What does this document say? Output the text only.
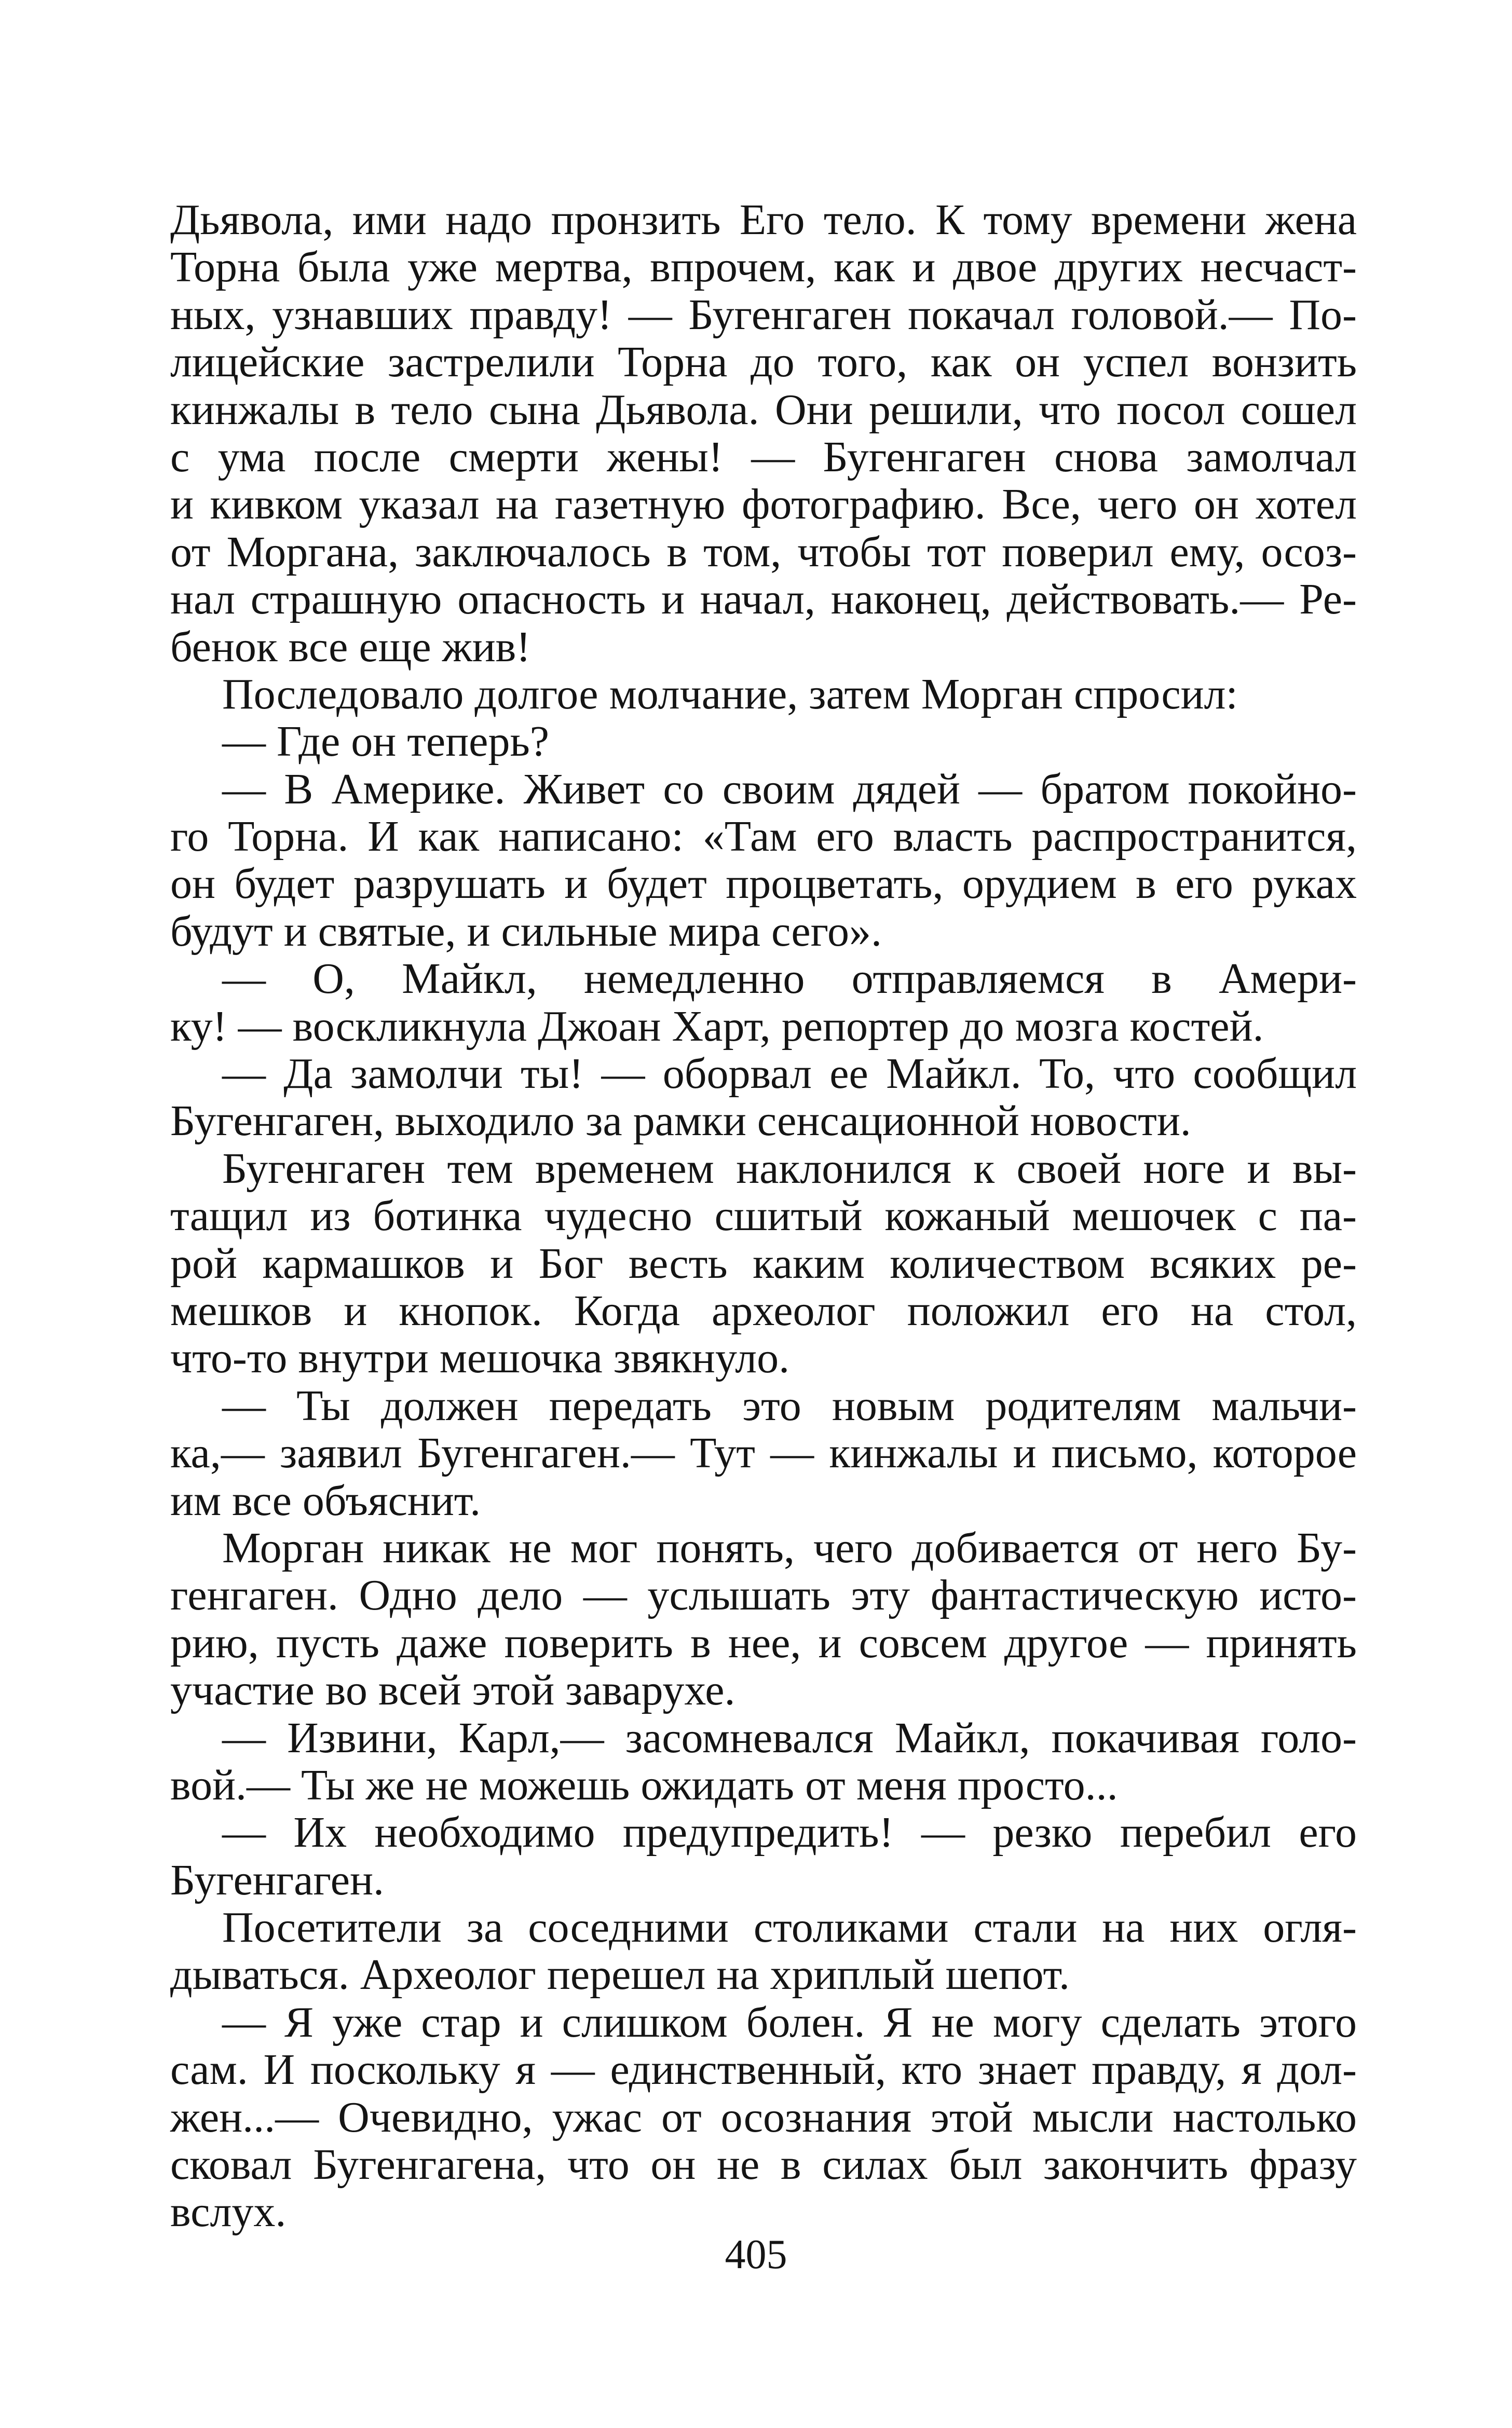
Дьявола, ими надо пронзить Его тело. К тому времени жена
Торна была уже мертва, впрочем, как и двое других несчаст-
ных, узнавших правду! — Бугенгаген покачал головой.— По-
лицейские застрелили Торна до того, как он успел вонзить
кинжалы в тело сына Дьявола. Они решили, что посол сошел
с ума после смерти жены! — Бугенгаген снова замолчал
и кивком указал на газетную фотографию. Все, чего он хотел
от Моргана, заключалось в том, чтобы тот поверил ему, осоз-
нал страшную опасность и начал, наконец, действовать.— Ре-
бенок все еще жив!

Последовало долгое молчание, затем Морган спросил:

— Где он теперь?

— В Америке. Живет со своим дядей — братом покойно-
го Торна. И как написано: «Там его власть распространится,
он будет разрушать и будет процветать, орудием в его руках
будут и святые, и сильные мира сего».

— О, Майкл, немедленно отправляемся в Амери-
ку! — воскликнула Джоан Харт, репортер до мозга костей.

— Да замолчи ты! — оборвал ее Майкл. То, что сообщил
Бугенгаген, выходило за рамки сенсационной новости.

Бугенгаген тем временем наклонился к своей ноге и вы-
тащил из ботинка чудесно сшитый кожаный мешочек с па-
рой кармашков и Бог весть каким количеством всяких ре-
мешков и кнопок. Когда археолог положил его на стол,
что-то внутри мешочка звякнуло.

— Ты должен передать это новым родителям мальчи-
ка,— заявил Бугенгаген.— Тут — кинжалы и письмо, которое
им все объяснит.

Морган никак не мог понять, чего добивается от него Бу-
генгаген. Одно дело — услышать эту фантастическую исто-
рию, пусть даже поверить в нее, и совсем другое — принять
участие во всей этой заварухе.

— Извини, Карл,— засомневался Майкл, покачивая голо-
вой.— Ты же не можешь ожидать от меня просто...

— Их необходимо предупредить! — резко перебил его
Бугенгаген.

Посетители за соседними столиками стали на них огля-
дываться. Археолог перешел на хриплый шепот.

— Я уже стар и слишком болен. Я не могу сделать этого
сам. И поскольку я — единственный, кто знает правду, я дол-
жен...— Очевидно, ужас от осознания этой мысли настолько
сковал Бугенгагена, что он не в силах был закончить фразу
вслух.

405
